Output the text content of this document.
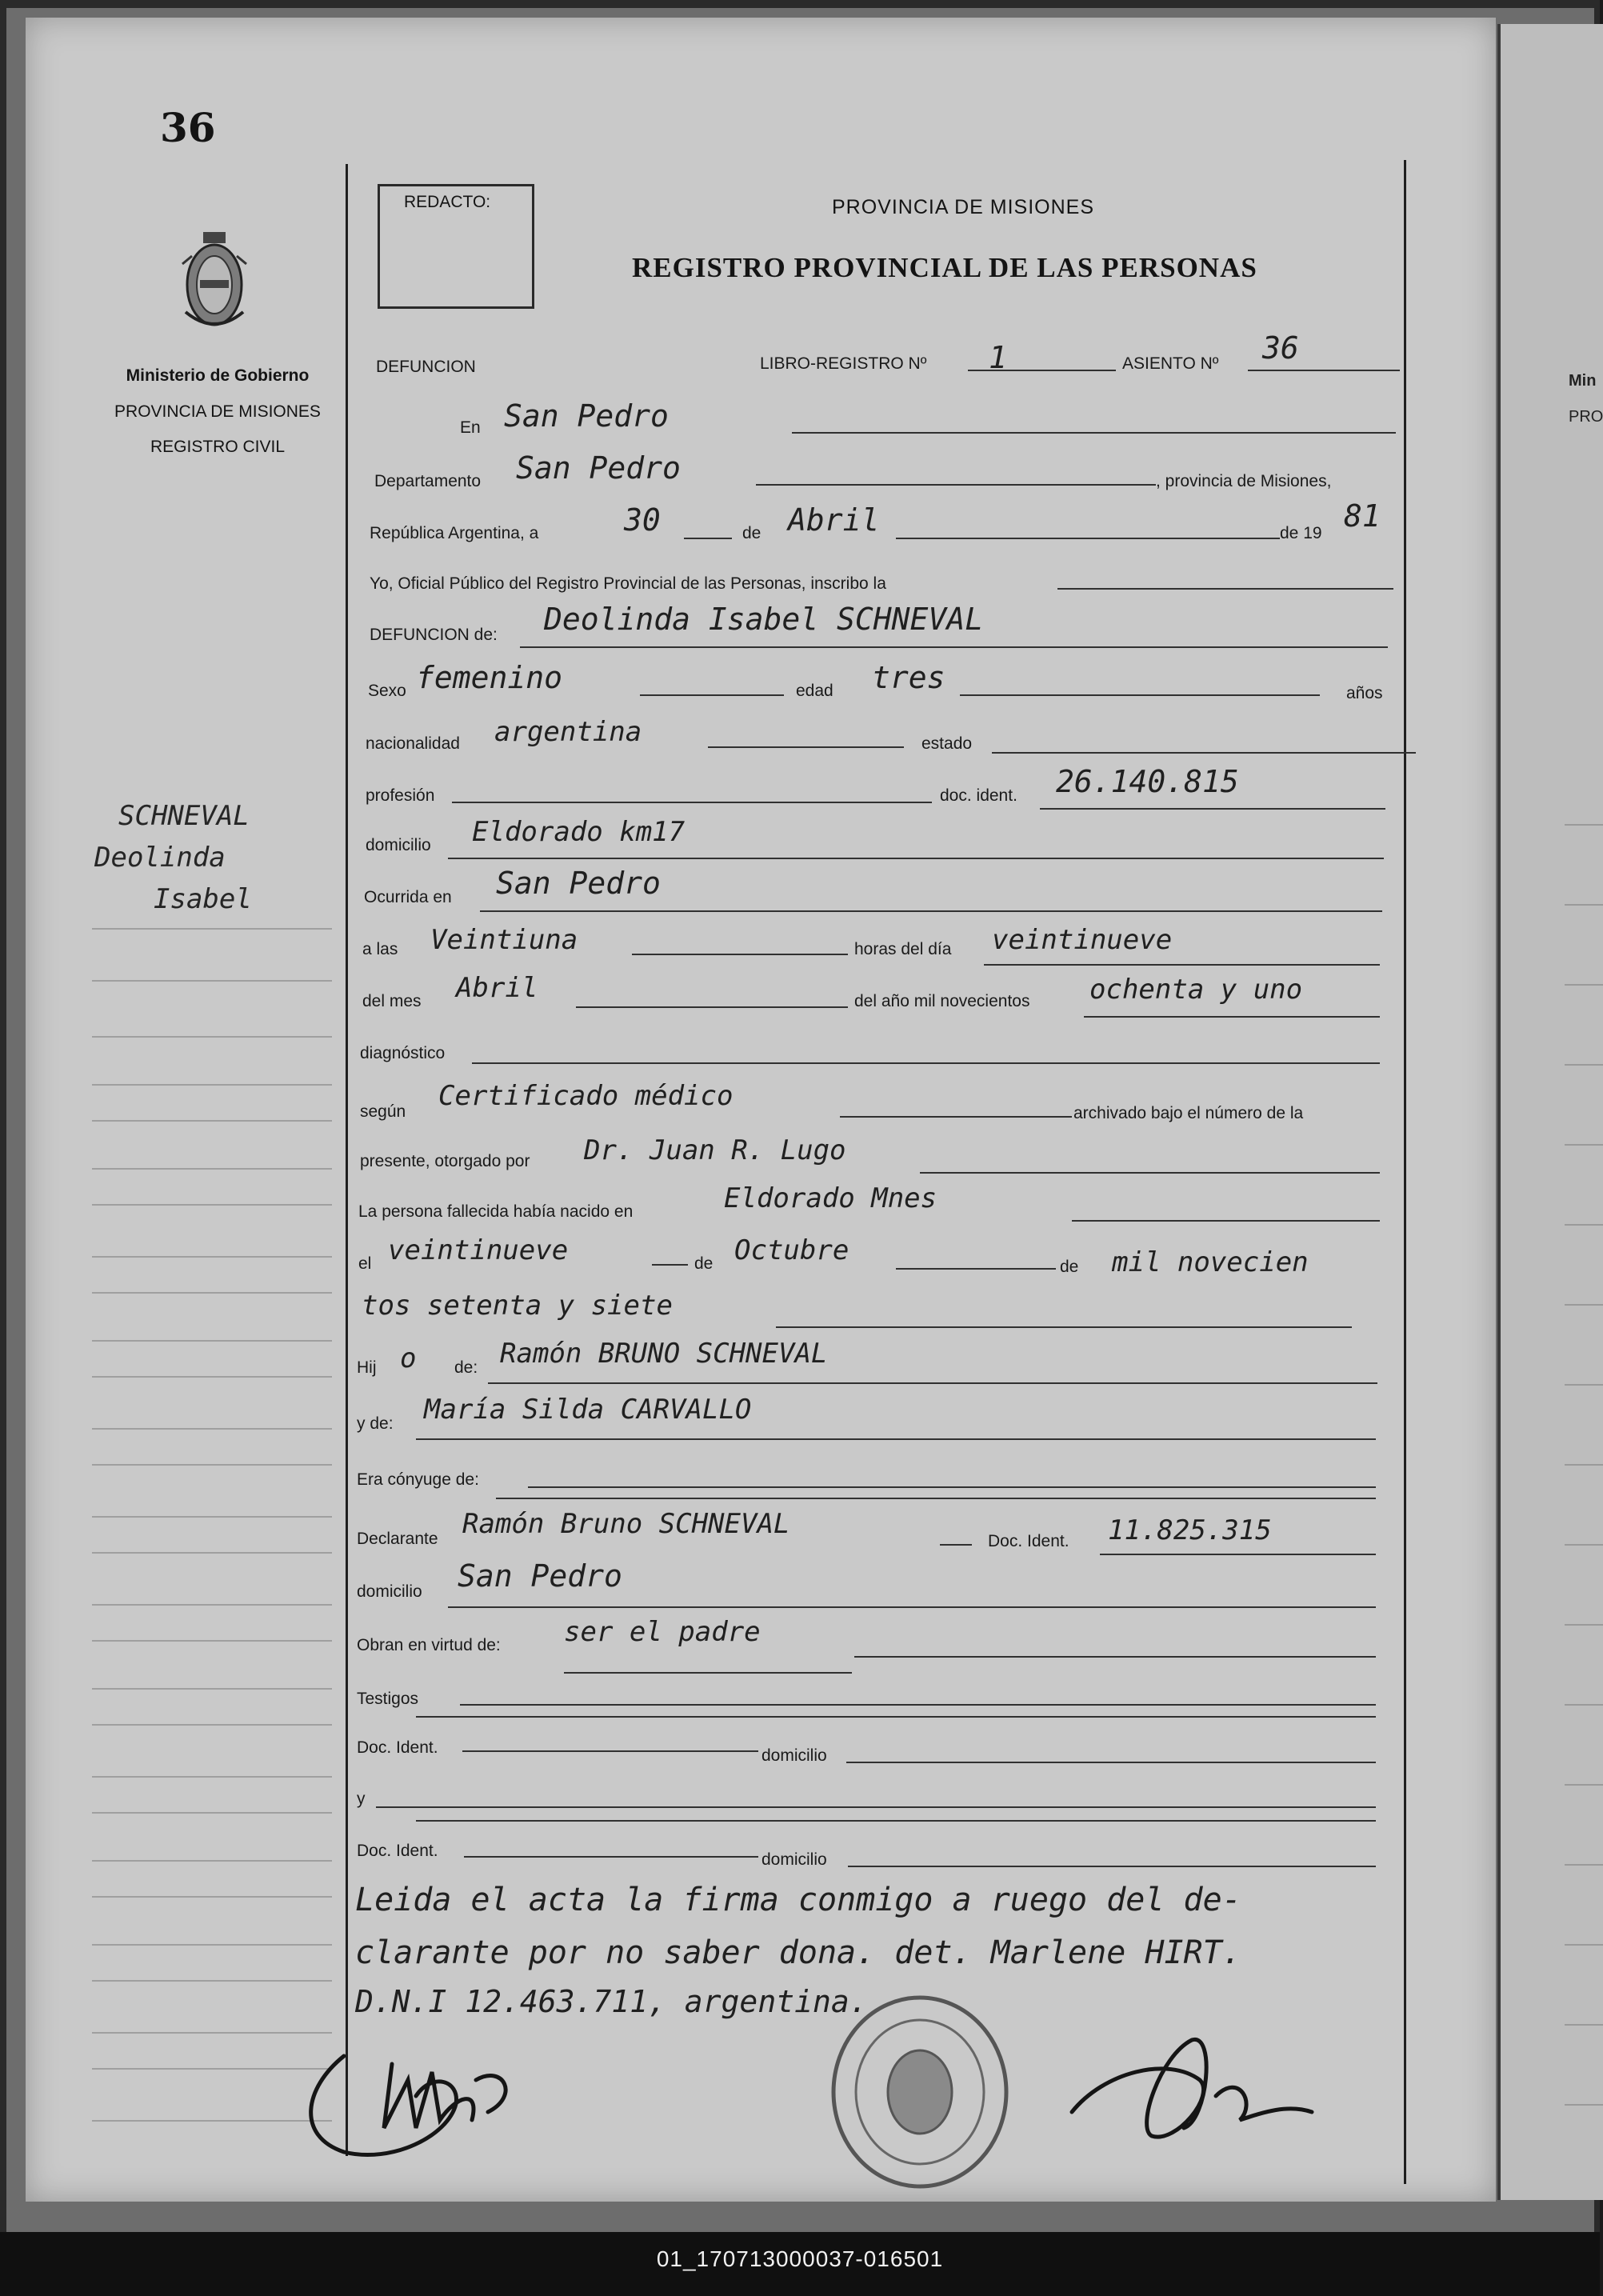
Min
PRO
36
Ministerio de Gobierno
PROVINCIA DE MISIONES
REGISTRO CIVIL
SCHNEVAL
Deolinda
Isabel
REDACTO:	PROVINCIA DE MISIONES
REGISTRO PROVINCIAL DE LAS PERSONAS
DEFUNCION	LIBRO-REGISTRO Nº 1	ASIENTO Nº 36
En San Pedro
Departamento San Pedro	, provincia de Misiones,
República Argentina, a	30	de Abril	de 19 81
Yo, Oficial Público del Registro Provincial de las Personas, inscribo la
DEFUNCION de: Deolinda Isabel SCHNEVAL
Sexo femenino	edad tres	años
nacionalidad argentina	estado
profesión	doc. ident. 26.140.815
domicilio Eldorado km17
Ocurrida en San Pedro
a las Veintiuna	horas del día veintinueve
del mes Abril	del año mil novecientos ochenta y uno
diagnóstico
según Certificado médico
archivado bajo el número de la
presente, otorgado por Dr. Juan R. Lugo
La persona fallecida había nacido en	Eldorado Mnes
el veintinueve	de Octubre
de mil novecien
tos setenta y siete
Hij o de: Ramón BRUNO SCHNEVAL
y de: María Silda CARVALLO
Era cónyuge de:
Declarante Ramón Bruno SCHNEVAL
Doc. Ident. 11.825.315
domicilio San Pedro
Obran en virtud de: ser el padre
Testigos
Doc. Ident.	domicilio
y
Doc. Ident.	domicilio
Leida el acta la firma conmigo a ruego del de-
clarante por no saber dona. det. Marlene HIRT.
D.N.I 12.463.711, argentina.
01_170713000037-016501
